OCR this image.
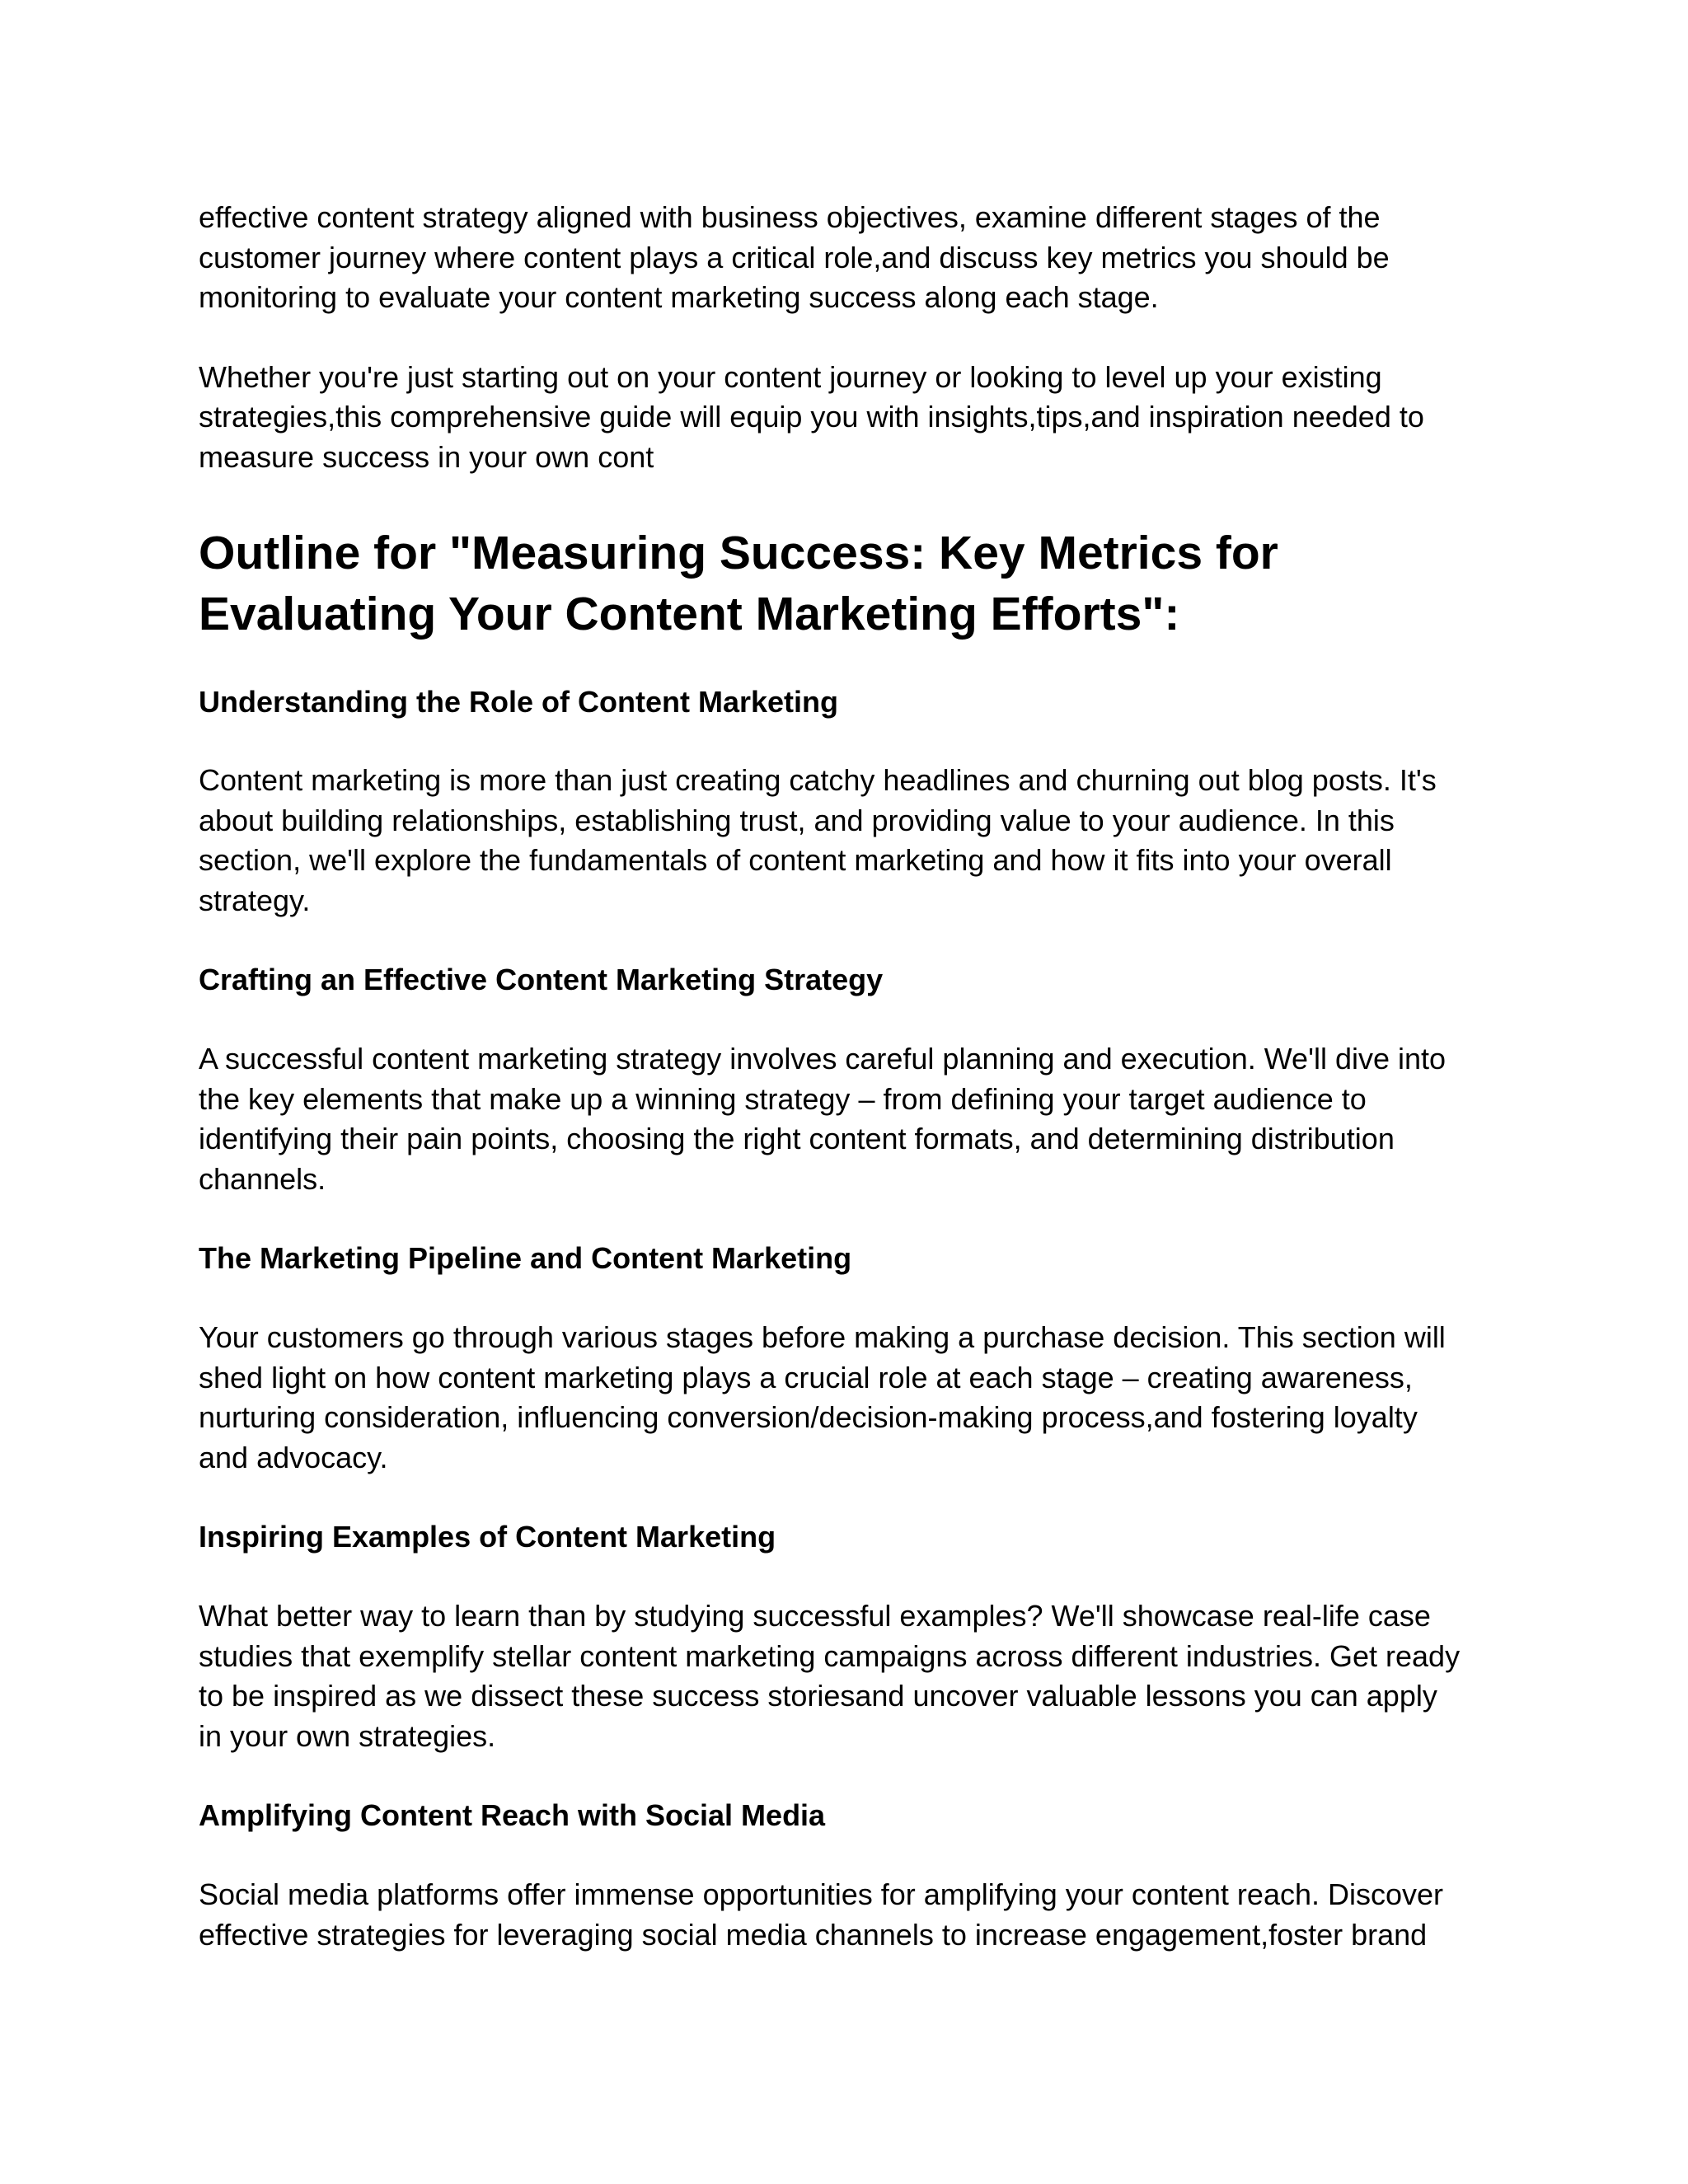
effective content strategy aligned with business objectives, examine different stages of the
customer journey where content plays a critical role,and discuss key metrics you should be
monitoring to evaluate your content marketing success along each stage.

Whether you're just starting out on your content journey or looking to level up your existing
strategies,this comprehensive guide will equip you with insights,tips,and inspiration needed to
measure success in your own cont

Outline for "Measuring Success: Key Metrics for
Evaluating Your Content Marketing Efforts":
Understanding the Role of Content Marketing

Content marketing is more than just creating catchy headlines and churning out blog posts. It's
about building relationships, establishing trust, and providing value to your audience. In this
section, we'll explore the fundamentals of content marketing and how it fits into your overall
strategy.

Crafting an Effective Content Marketing Strategy

A successful content marketing strategy involves careful planning and execution. We'll dive into
the key elements that make up a winning strategy – from defining your target audience to
identifying their pain points, choosing the right content formats, and determining distribution
channels.

The Marketing Pipeline and Content Marketing

Your customers go through various stages before making a purchase decision. This section will
shed light on how content marketing plays a crucial role at each stage – creating awareness,
nurturing consideration, influencing conversion/decision-making process,and fostering loyalty
and advocacy.

Inspiring Examples of Content Marketing

What better way to learn than by studying successful examples? We'll showcase real-life case
studies that exemplify stellar content marketing campaigns across different industries. Get ready
to be inspired as we dissect these success storiesand uncover valuable lessons you can apply
in your own strategies.

Amplifying Content Reach with Social Media

Social media platforms offer immense opportunities for amplifying your content reach. Discover
effective strategies for leveraging social media channels to increase engagement,foster brand
